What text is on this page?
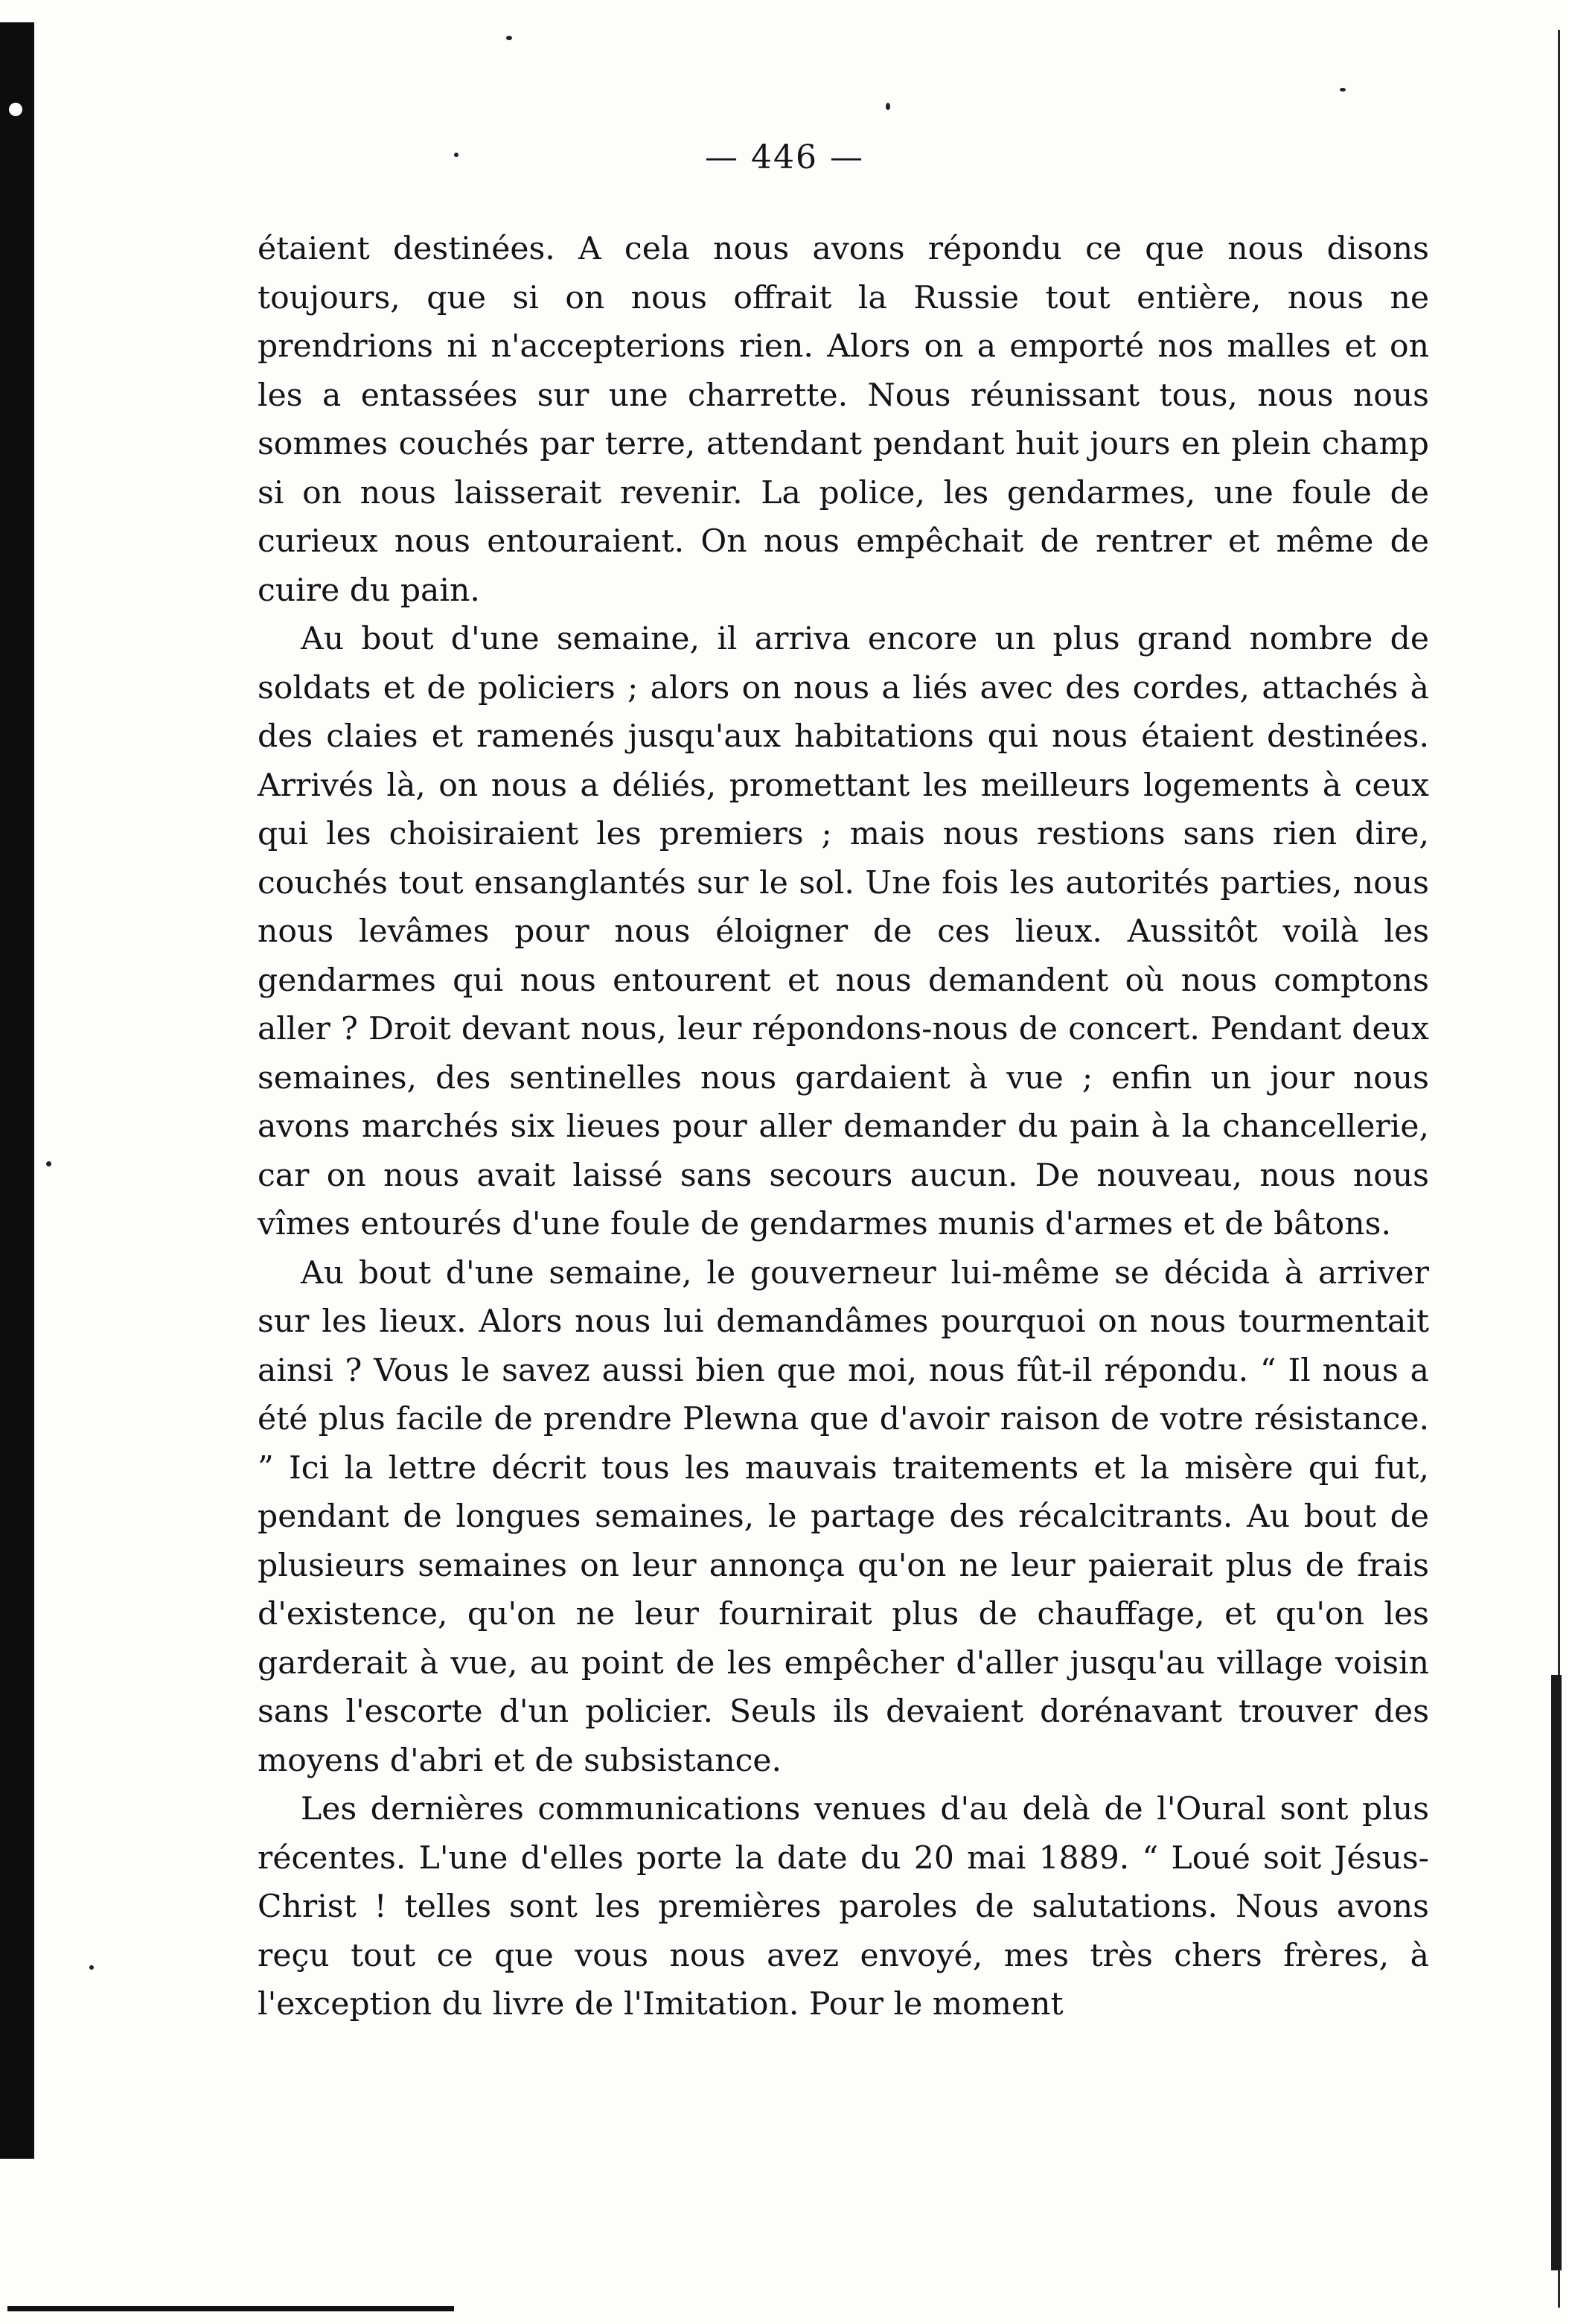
— 446 —

étaient destinées. A cela nous avons répondu ce que nous disons toujours, que si on nous offrait la Russie tout entière, nous ne prendrions ni n'accepterions rien. Alors on a emporté nos malles et on les a entassées sur une charrette. Nous réunissant tous, nous nous sommes couchés par terre, attendant pendant huit jours en plein champ si on nous laisserait revenir. La police, les gendarmes, une foule de curieux nous entouraient. On nous empêchait de rentrer et même de cuire du pain.

Au bout d'une semaine, il arriva encore un plus grand nombre de soldats et de policiers ; alors on nous a liés avec des cordes, attachés à des claies et ramenés jusqu'aux habitations qui nous étaient destinées. Arrivés là, on nous a déliés, promettant les meilleurs logements à ceux qui les choisiraient les premiers ; mais nous restions sans rien dire, couchés tout ensanglantés sur le sol. Une fois les autorités parties, nous nous levâmes pour nous éloigner de ces lieux. Aussitôt voilà les gendarmes qui nous entourent et nous demandent où nous comptons aller ? Droit devant nous, leur répondons-nous de concert. Pendant deux semaines, des sentinelles nous gardaient à vue ; enfin un jour nous avons marchés six lieues pour aller demander du pain à la chancellerie, car on nous avait laissé sans secours aucun. De nouveau, nous nous vîmes entourés d'une foule de gendarmes munis d'armes et de bâtons.

Au bout d'une semaine, le gouverneur lui-même se décida à arriver sur les lieux. Alors nous lui demandâmes pourquoi on nous tourmentait ainsi ? Vous le savez aussi bien que moi, nous fût-il répondu. “ Il nous a été plus facile de prendre Plewna que d'avoir raison de votre résistance. ” Ici la lettre décrit tous les mauvais traitements et la misère qui fut, pendant de longues semaines, le partage des récalcitrants. Au bout de plusieurs semaines on leur annonça qu'on ne leur paierait plus de frais d'existence, qu'on ne leur fournirait plus de chauffage, et qu'on les garderait à vue, au point de les empêcher d'aller jusqu'au village voisin sans l'escorte d'un policier. Seuls ils devaient dorénavant trouver des moyens d'abri et de subsistance.

Les dernières communications venues d'au delà de l'Oural sont plus récentes. L'une d'elles porte la date du 20 mai 1889. “ Loué soit Jésus-Christ ! telles sont les premières paroles de salutations. Nous avons reçu tout ce que vous nous avez envoyé, mes très chers frères, à l'exception du livre de l'Imitation. Pour le moment
